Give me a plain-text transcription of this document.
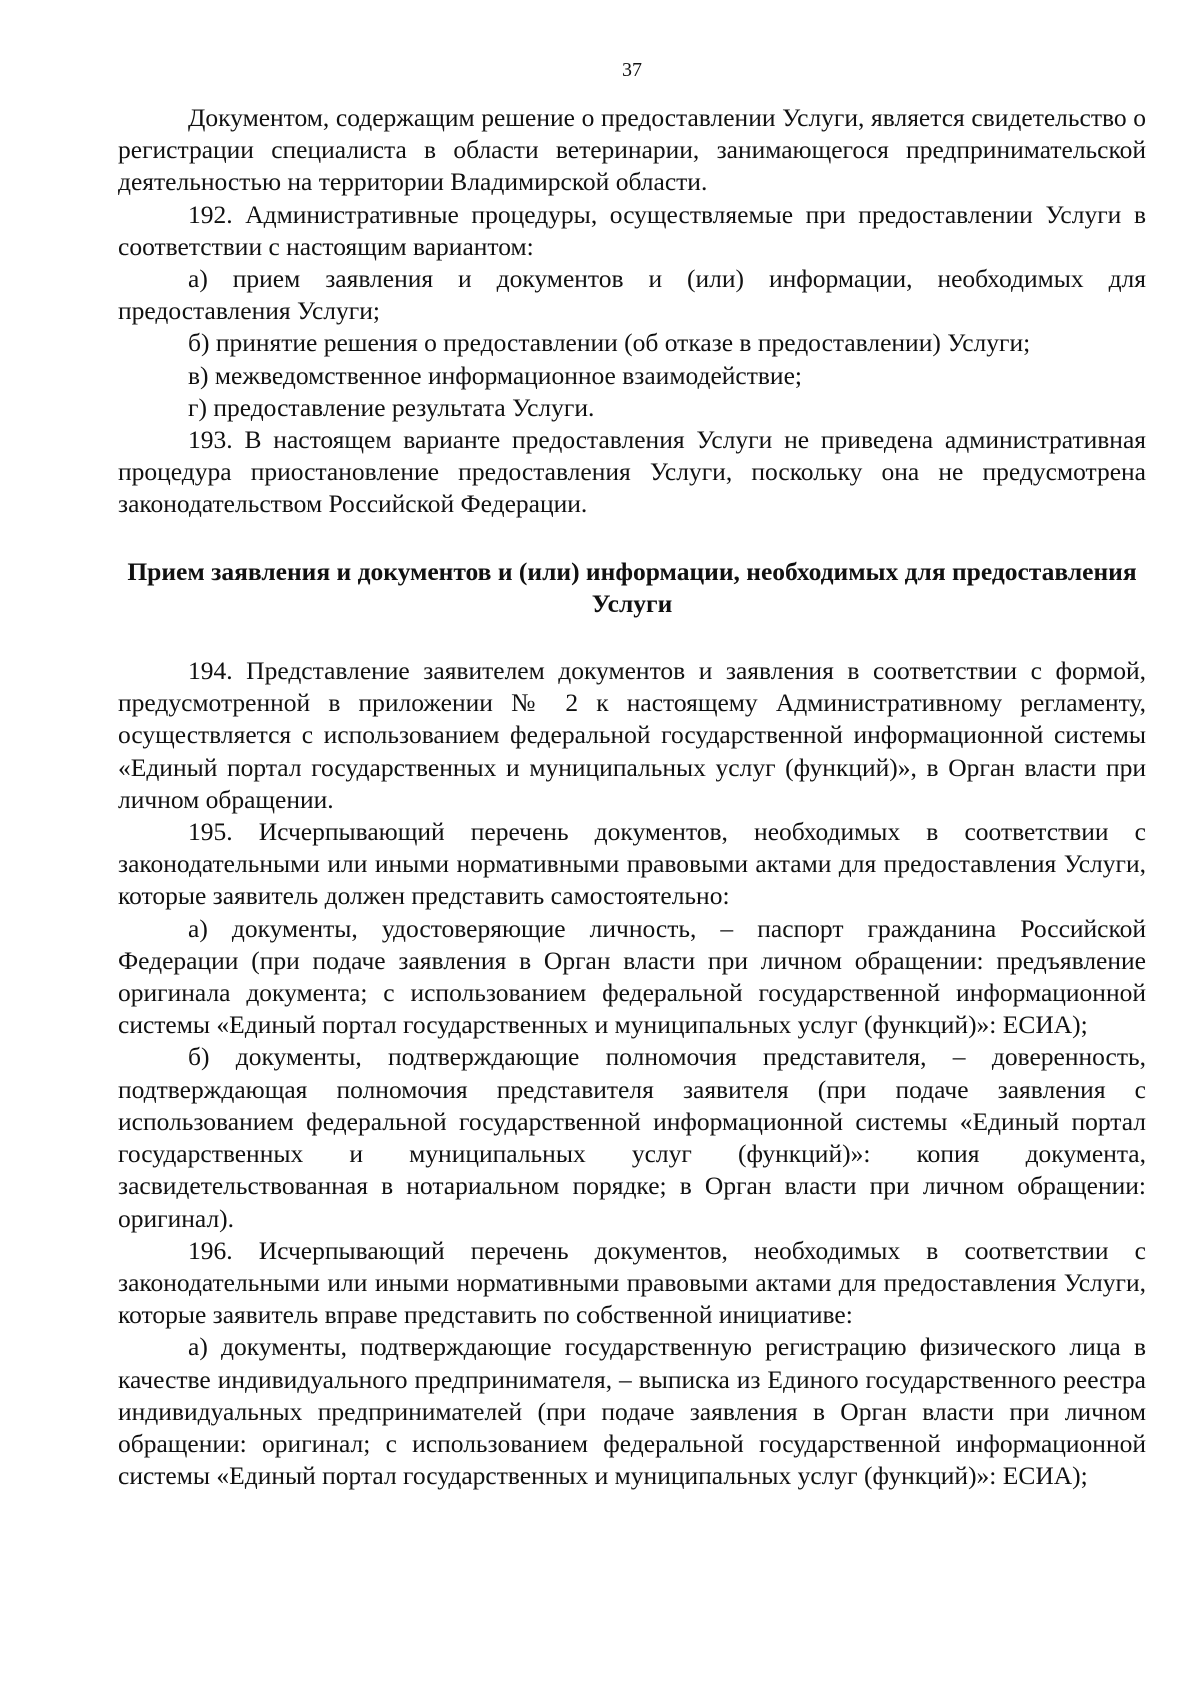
37

Документом, содержащим решение о предоставлении Услуги, является свидетельство о регистрации специалиста в области ветеринарии, занимающегося предпринимательской деятельностью на территории Владимирской области.

192. Административные процедуры, осуществляемые при предоставлении Услуги в соответствии с настоящим вариантом:

а) прием заявления и документов и (или) информации, необходимых для предоставления Услуги;

б) принятие решения о предоставлении (об отказе в предоставлении) Услуги;

в) межведомственное информационное взаимодействие;

г) предоставление результата Услуги.

193. В настоящем варианте предоставления Услуги не приведена административная процедура приостановление предоставления Услуги, поскольку она не предусмотрена законодательством Российской Федерации.

Прием заявления и документов и (или) информации, необходимых для предоставления Услуги

194. Представление заявителем документов и заявления в соответствии с формой, предусмотренной в приложении № 2 к настоящему Административному регламенту, осуществляется с использованием федеральной государственной информационной системы «Единый портал государственных и муниципальных услуг (функций)», в Орган власти при личном обращении.

195. Исчерпывающий перечень документов, необходимых в соответствии с законодательными или иными нормативными правовыми актами для предоставления Услуги, которые заявитель должен представить самостоятельно:

а) документы, удостоверяющие личность, – паспорт гражданина Российской Федерации (при подаче заявления в Орган власти при личном обращении: предъявление оригинала документа; с использованием федеральной государственной информационной системы «Единый портал государственных и муниципальных услуг (функций)»: ЕСИА);

б) документы, подтверждающие полномочия представителя, – доверенность, подтверждающая полномочия представителя заявителя (при подаче заявления с использованием федеральной государственной информационной системы «Единый портал государственных и муниципальных услуг (функций)»: копия документа, засвидетельствованная в нотариальном порядке; в Орган власти при личном обращении: оригинал).

196. Исчерпывающий перечень документов, необходимых в соответствии с законодательными или иными нормативными правовыми актами для предоставления Услуги, которые заявитель вправе представить по собственной инициативе:

а) документы, подтверждающие государственную регистрацию физического лица в качестве индивидуального предпринимателя, – выписка из Единого государственного реестра индивидуальных предпринимателей (при подаче заявления в Орган власти при личном обращении: оригинал; с использованием федеральной государственной информационной системы «Единый портал государственных и муниципальных услуг (функций)»: ЕСИА);
